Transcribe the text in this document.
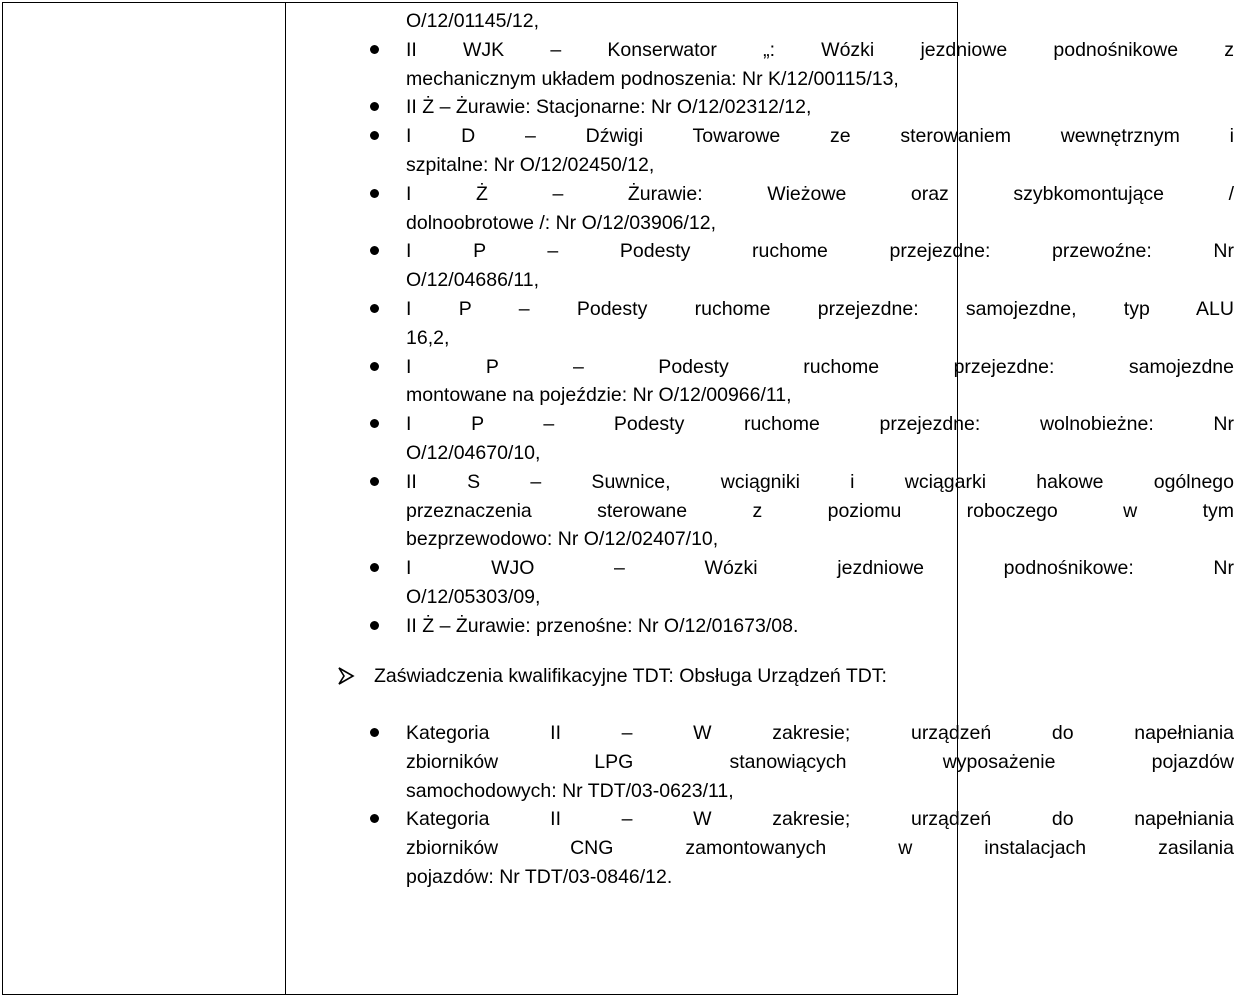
O/12/01145/12,
II WJK – Konserwator „: Wózki jezdniowe podnośnikowe z
mechanicznym układem podnoszenia: Nr K/12/00115/13,
II Ż – Żurawie: Stacjonarne: Nr O/12/02312/12,
I D – Dźwigi Towarowe ze sterowaniem wewnętrznym i
szpitalne: Nr O/12/02450/12,
I Ż – Żurawie: Wieżowe oraz szybkomontujące /
dolnoobrotowe /: Nr O/12/03906/12,
I P – Podesty ruchome przejezdne: przewoźne: Nr
O/12/04686/11,
I P – Podesty ruchome przejezdne: samojezdne, typ ALU
16,2,
I P – Podesty ruchome przejezdne: samojezdne
montowane na pojeździe: Nr O/12/00966/11,
I P – Podesty ruchome przejezdne: wolnobieżne: Nr
O/12/04670/10,
II S – Suwnice, wciągniki i wciągarki hakowe ogólnego
przeznaczenia sterowane z poziomu roboczego w tym
bezprzewodowo: Nr O/12/02407/10,
I WJO – Wózki jezdniowe podnośnikowe: Nr
O/12/05303/09,
II Ż – Żurawie: przenośne: Nr O/12/01673/08.
Zaświadczenia kwalifikacyjne TDT: Obsługa Urządzeń TDT:
Kategoria II – W zakresie; urządzeń do napełniania
zbiorników LPG stanowiących wyposażenie pojazdów
samochodowych: Nr TDT/03-0623/11,
Kategoria II – W zakresie; urządzeń do napełniania
zbiorników CNG zamontowanych w instalacjach zasilania
pojazdów: Nr TDT/03-0846/12.
